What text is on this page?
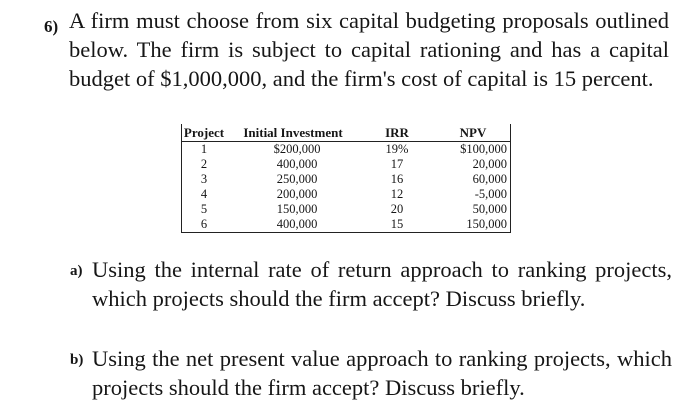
6) A firm must choose from six capital budgeting proposals outlined below. The firm is subject to capital rationing and has a capital budget of $1,000,000, and the firm's cost of capital is 15 percent.
Project	Initial Investment	IRR	NPV
1	$200,000	19%	$100,000
2	400,000	17	20,000
3	250,000	16	60,000
4	200,000	12	-5,000
5	150,000	20	50,000
6	400,000	15	150,000
a) Using the internal rate of return approach to ranking projects, which projects should the firm accept? Discuss briefly.
b) Using the net present value approach to ranking projects, which projects should the firm accept? Discuss briefly.
